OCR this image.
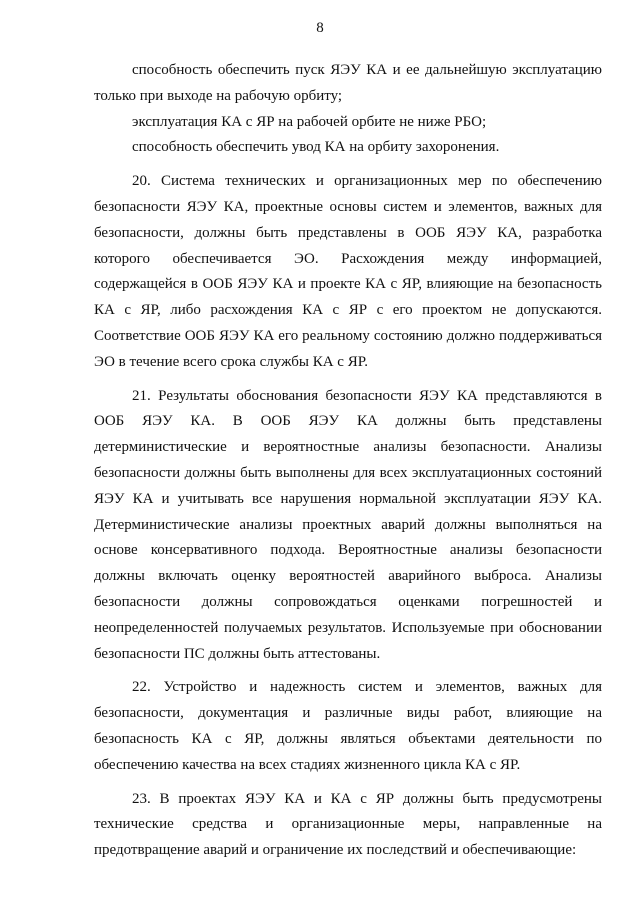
8

способность обеспечить пуск ЯЭУ КА и ее дальнейшую эксплуатацию только при выходе на рабочую орбиту;

эксплуатация КА с ЯР на рабочей орбите не ниже РБО;

способность обеспечить увод КА на орбиту захоронения.

20. Система технических и организационных мер по обеспечению безопасности ЯЭУ КА, проектные основы систем и элементов, важных для безопасности, должны быть представлены в ООБ ЯЭУ КА, разработка которого обеспечивается ЭО. Расхождения между информацией, содержащейся в ООБ ЯЭУ КА и проекте КА с ЯР, влияющие на безопасность КА с ЯР, либо расхождения КА с ЯР с его проектом не допускаются. Соответствие ООБ ЯЭУ КА его реальному состоянию должно поддерживаться ЭО в течение всего срока службы КА с ЯР.

21. Результаты обоснования безопасности ЯЭУ КА представляются в ООБ ЯЭУ КА. В ООБ ЯЭУ КА должны быть представлены детерминистические и вероятностные анализы безопасности. Анализы безопасности должны быть выполнены для всех эксплуатационных состояний ЯЭУ КА и учитывать все нарушения нормальной эксплуатации ЯЭУ КА. Детерминистические анализы проектных аварий должны выполняться на основе консервативного подхода. Вероятностные анализы безопасности должны включать оценку вероятностей аварийного выброса. Анализы безопасности должны сопровождаться оценками погрешностей и неопределенностей получаемых результатов. Используемые при обосновании безопасности ПС должны быть аттестованы.

22. Устройство и надежность систем и элементов, важных для безопасности, документация и различные виды работ, влияющие на безопасность КА с ЯР, должны являться объектами деятельности по обеспечению качества на всех стадиях жизненного цикла КА с ЯР.

23. В проектах ЯЭУ КА и КА с ЯР должны быть предусмотрены технические средства и организационные меры, направленные на предотвращение аварий и ограничение их последствий и обеспечивающие:
